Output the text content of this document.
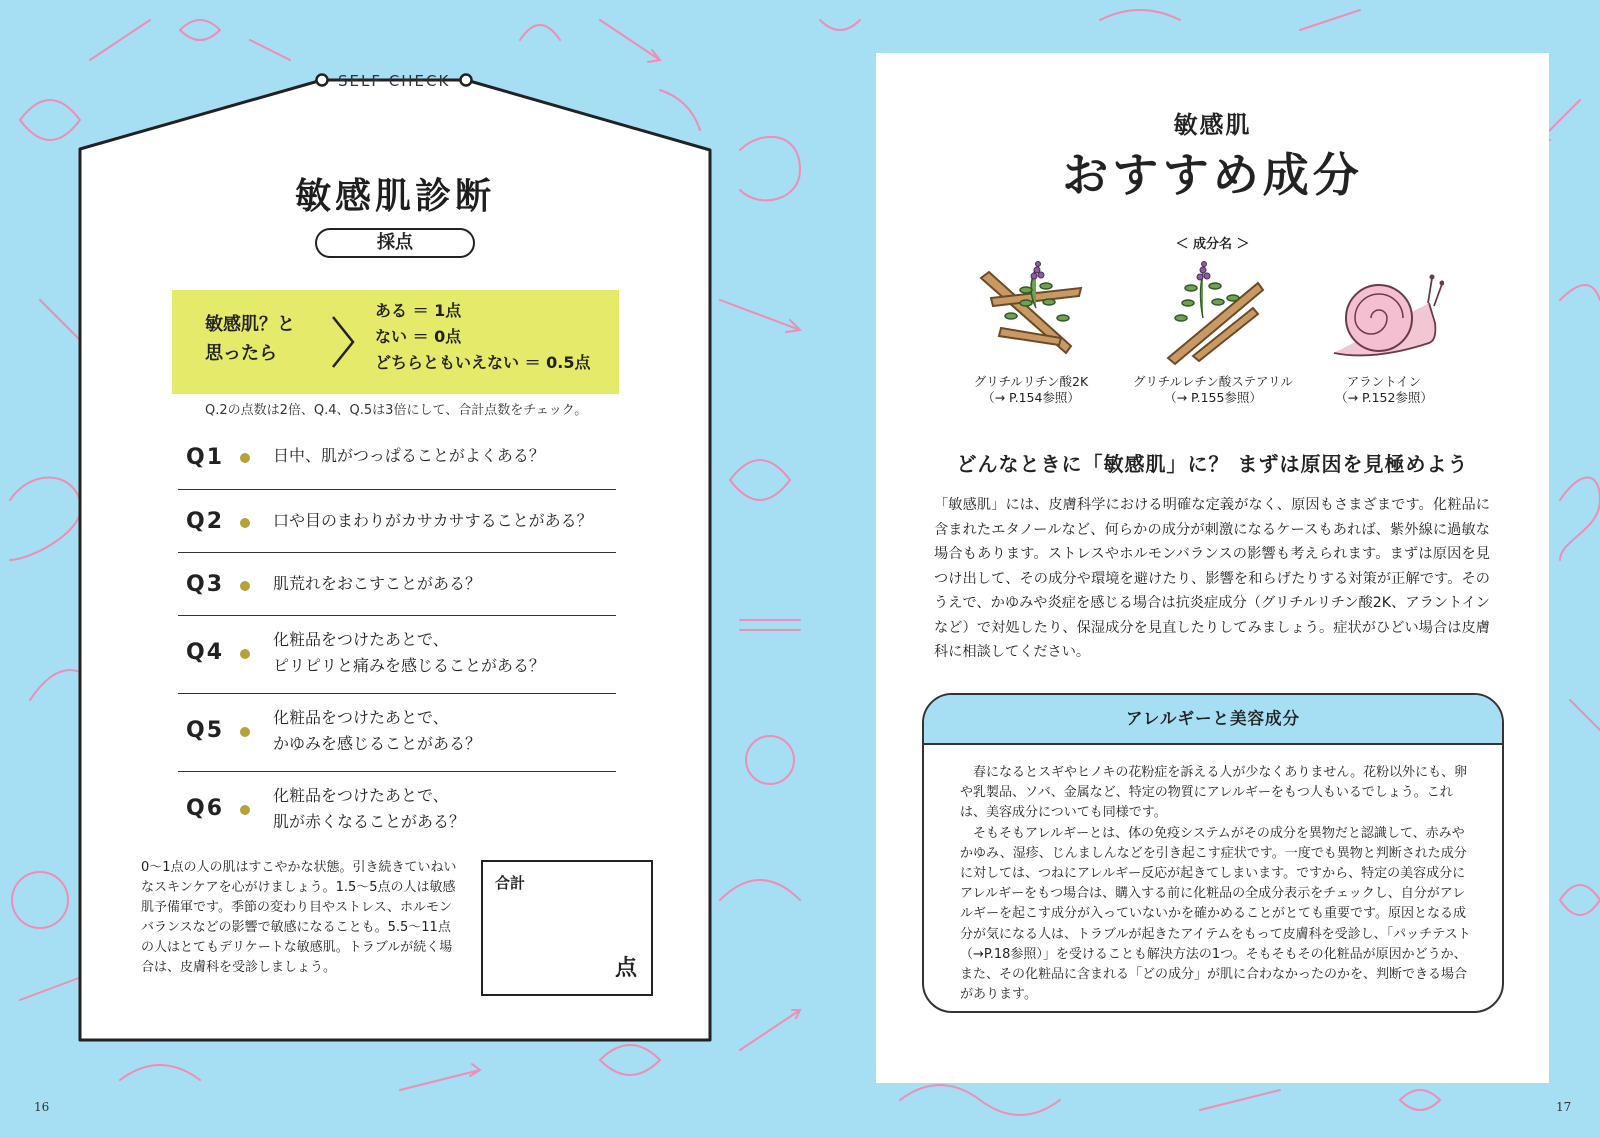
SELF CHECK
敏感肌診断
採点
敏感肌？と
思ったら
ある ＝ 1点
ない ＝ 0点
どちらともいえない ＝ 0.5点
Q.2の点数は2倍、Q.4、Q.5は3倍にして、合計点数をチェック。
Q1	日中、肌がつっぱることがよくある？
Q2	口や目のまわりがカサカサすることがある？
Q3	肌荒れをおこすことがある？
Q4
化粧品をつけたあとで、
ピリピリと痛みを感じることがある？
Q5
化粧品をつけたあとで、
かゆみを感じることがある？
Q6
化粧品をつけたあとで、
肌が赤くなることがある？
0〜1点の人の肌はすこやかな状態。引き続きていねいなスキンケアを心がけましょう。1.5〜5点の人は敏感肌予備軍です。季節の変わり目やストレス、ホルモンバランスなどの影響で敏感になることも。5.5〜11点の人はとてもデリケートな敏感肌。トラブルが続く場合は、皮膚科を受診しましょう。
合計
点
16
敏感肌
おすすめ成分
＜ 成分名 ＞
グリチルリチン酸2K
（→ P.154参照）
グリチルレチン酸ステアリル
（→ P.155参照）
アラントイン
（→ P.152参照）
どんなときに「敏感肌」に？ まずは原因を見極めよう
「敏感肌」には、皮膚科学における明確な定義がなく、原因もさまざまです。化粧品に含まれたエタノールなど、何らかの成分が刺激になるケースもあれば、紫外線に過敏な場合もあります。ストレスやホルモンバランスの影響も考えられます。まずは原因を見つけ出して、その成分や環境を避けたり、影響を和らげたりする対策が正解です。そのうえで、かゆみや炎症を感じる場合は抗炎症成分（グリチルリチン酸2K、アラントインなど）で対処したり、保湿成分を見直したりしてみましょう。症状がひどい場合は皮膚科に相談してください。
アレルギーと美容成分

春になるとスギやヒノキの花粉症を訴える人が少なくありません。花粉以外にも、卵や乳製品、ソバ、金属など、特定の物質にアレルギーをもつ人もいるでしょう。これは、美容成分についても同様です。

そもそもアレルギーとは、体の免疫システムがその成分を異物だと認識して、赤みやかゆみ、湿疹、じんましんなどを引き起こす症状です。一度でも異物と判断された成分に対しては、つねにアレルギー反応が起きてしまいます。ですから、特定の美容成分にアレルギーをもつ場合は、購入する前に化粧品の全成分表示をチェックし、自分がアレルギーを起こす成分が入っていないかを確かめることがとても重要です。原因となる成分が気になる人は、トラブルが起きたアイテムをもって皮膚科を受診し、「パッチテスト（→P.18参照）」を受けることも解決方法の1つ。そもそもその化粧品が原因かどうか、また、その化粧品に含まれる「どの成分」が肌に合わなかったのかを、判断できる場合があります。

17
